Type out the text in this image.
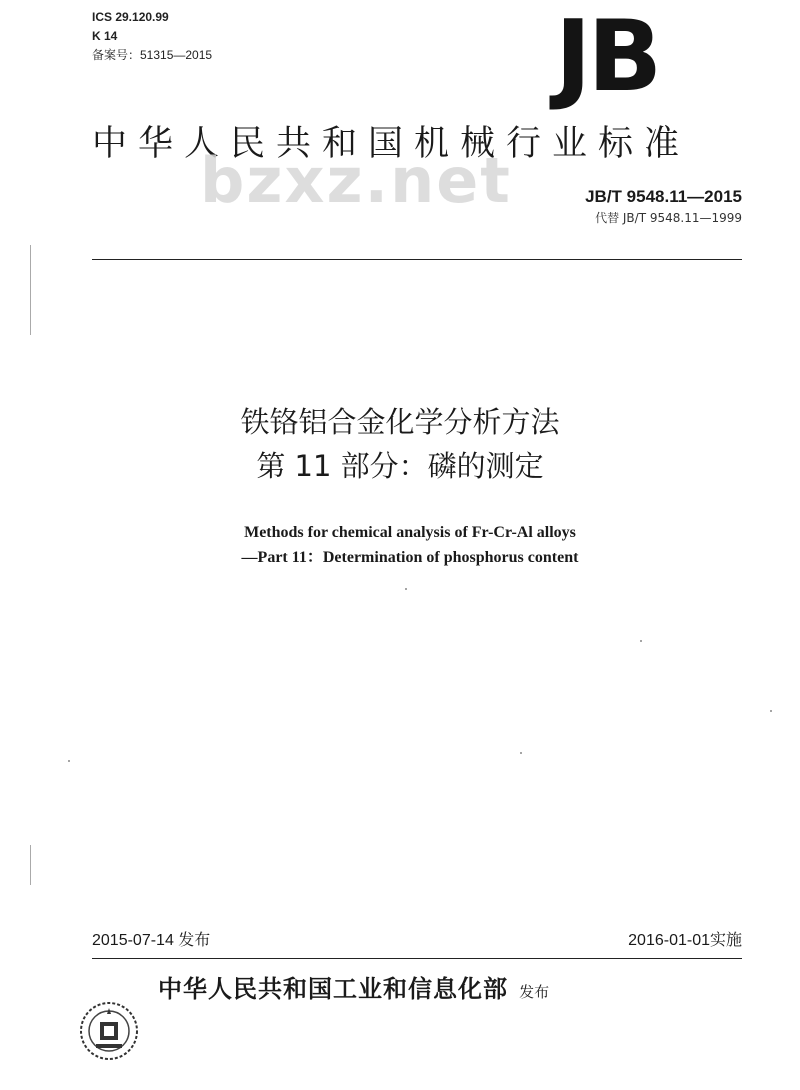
ICS 29.120.99
K 14
备案号：51315—2015	JB
中华人民共和国机械行业标准
bzxz.net	JB/T 9548.11—2015
代替 JB/T 9548.11—1999
铁铬铝合金化学分析方法
第 11 部分：磷的测定
Methods for chemical analysis of Fr-Cr-Al alloys
—Part 11：Determination of phosphorus content
2015-07-14 发布	2016-01-01实施
中华人民共和国工业和信息化部 发布
